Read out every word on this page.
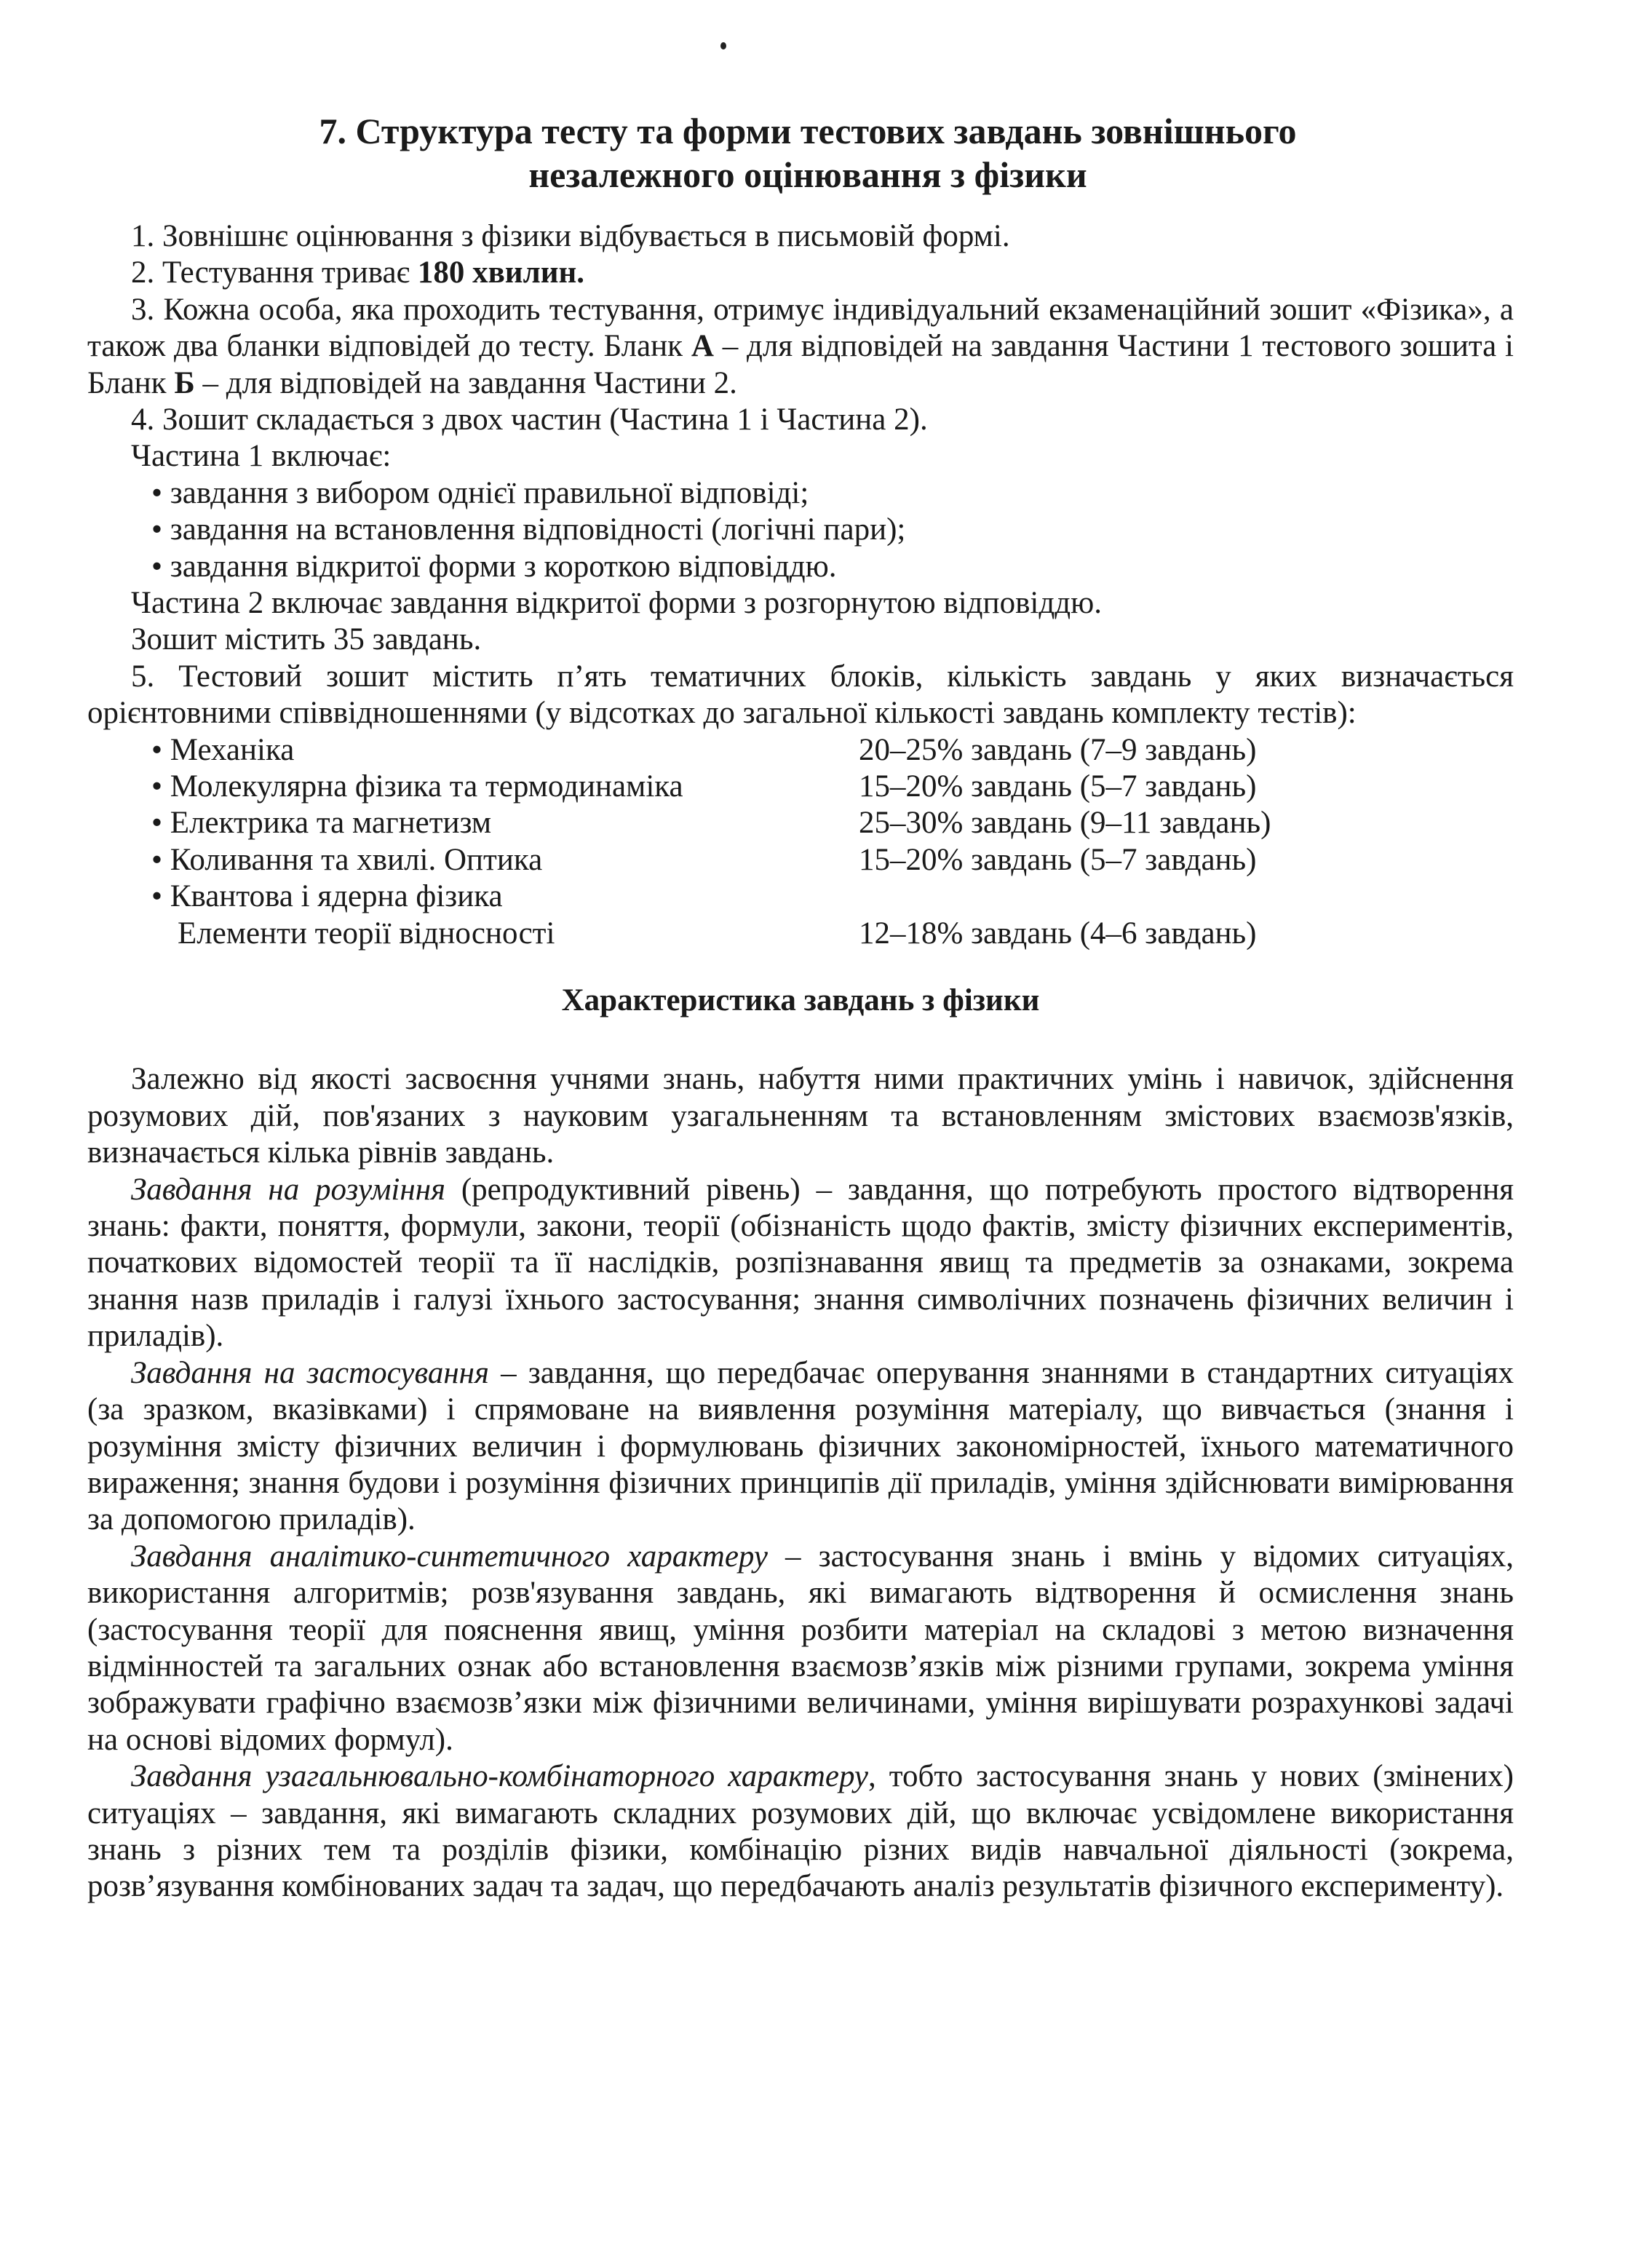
7. Структура тесту та форми тестових завдань зовнішнього
незалежного оцінювання з фізики

1. Зовнішнє оцінювання з фізики відбувається в письмовій формі.

2. Тестування триває 180 хвилин.

3. Кожна особа, яка проходить тестування, отримує індивідуальний екзаменаційний зошит «Фізика», а також два бланки відповідей до тесту. Бланк А – для відповідей на завдання Частини 1 тестового зошита і Бланк Б – для відповідей на завдання Частини 2.

4. Зошит складається з двох частин (Частина 1 і Частина 2).

Частина 1 включає:

• завдання з вибором однієї правильної відповіді;

• завдання на встановлення відповідності (логічні пари);

• завдання відкритої форми з короткою відповіддю.

Частина 2 включає завдання відкритої форми з розгорнутою відповіддю.

Зошит містить 35 завдань.

5. Тестовий зошит містить п’ять тематичних блоків, кількість завдань у яких визначається орієнтовними співвідношеннями (у відсотках до загальної кількості завдань комплекту тестів):

• Механіка	20–25% завдань (7–9 завдань)
• Молекулярна фізика та термодинаміка	15–20% завдань (5–7 завдань)
• Електрика та магнетизм	25–30% завдань (9–11 завдань)
• Коливання та хвилі. Оптика	15–20% завдань (5–7 завдань)
• Квантова і ядерна фізика
Елементи теорії відносності	12–18% завдань (4–6 завдань)
Характеристика завдань з фізики

Залежно від якості засвоєння учнями знань, набуття ними практичних умінь і навичок, здійснення розумових дій, пов'язаних з науковим узагальненням та встановленням змістових взаємозв'язків, визначається кілька рівнів завдань.

Завдання на розуміння (репродуктивний рівень) – завдання, що потребують простого відтворення знань: факти, поняття, формули, закони, теорії (обізнаність щодо фактів, змісту фізичних експериментів, початкових відомостей теорії та її наслідків, розпізнавання явищ та предметів за ознаками, зокрема знання назв приладів і галузі їхнього застосування; знання символічних позначень фізичних величин і приладів).

Завдання на застосування – завдання, що передбачає оперування знаннями в стандартних ситуаціях (за зразком, вказівками) і спрямоване на виявлення розуміння матеріалу, що вивчається (знання і розуміння змісту фізичних величин і формулювань фізичних закономірностей, їхнього математичного вираження; знання будови і розуміння фізичних принципів дії приладів, уміння здійснювати вимірювання за допомогою приладів).

Завдання аналітико-синтетичного характеру – застосування знань і вмінь у відомих ситуаціях, використання алгоритмів; розв'язування завдань, які вимагають відтворення й осмислення знань (застосування теорії для пояснення явищ, уміння розбити матеріал на складові з метою визначення відмінностей та загальних ознак або встановлення взаємозв’язків між різними групами, зокрема уміння зображувати графічно взаємозв’язки між фізичними величинами, уміння вирішувати розрахункові задачі на основі відомих формул).

Завдання узагальнювально-комбінаторного характеру, тобто застосування знань у нових (змінених) ситуаціях – завдання, які вимагають складних розумових дій, що включає усвідомлене використання знань з різних тем та розділів фізики, комбінацію різних видів навчальної діяльності (зокрема, розв’язування комбінованих задач та задач, що передбачають аналіз результатів фізичного експерименту).
